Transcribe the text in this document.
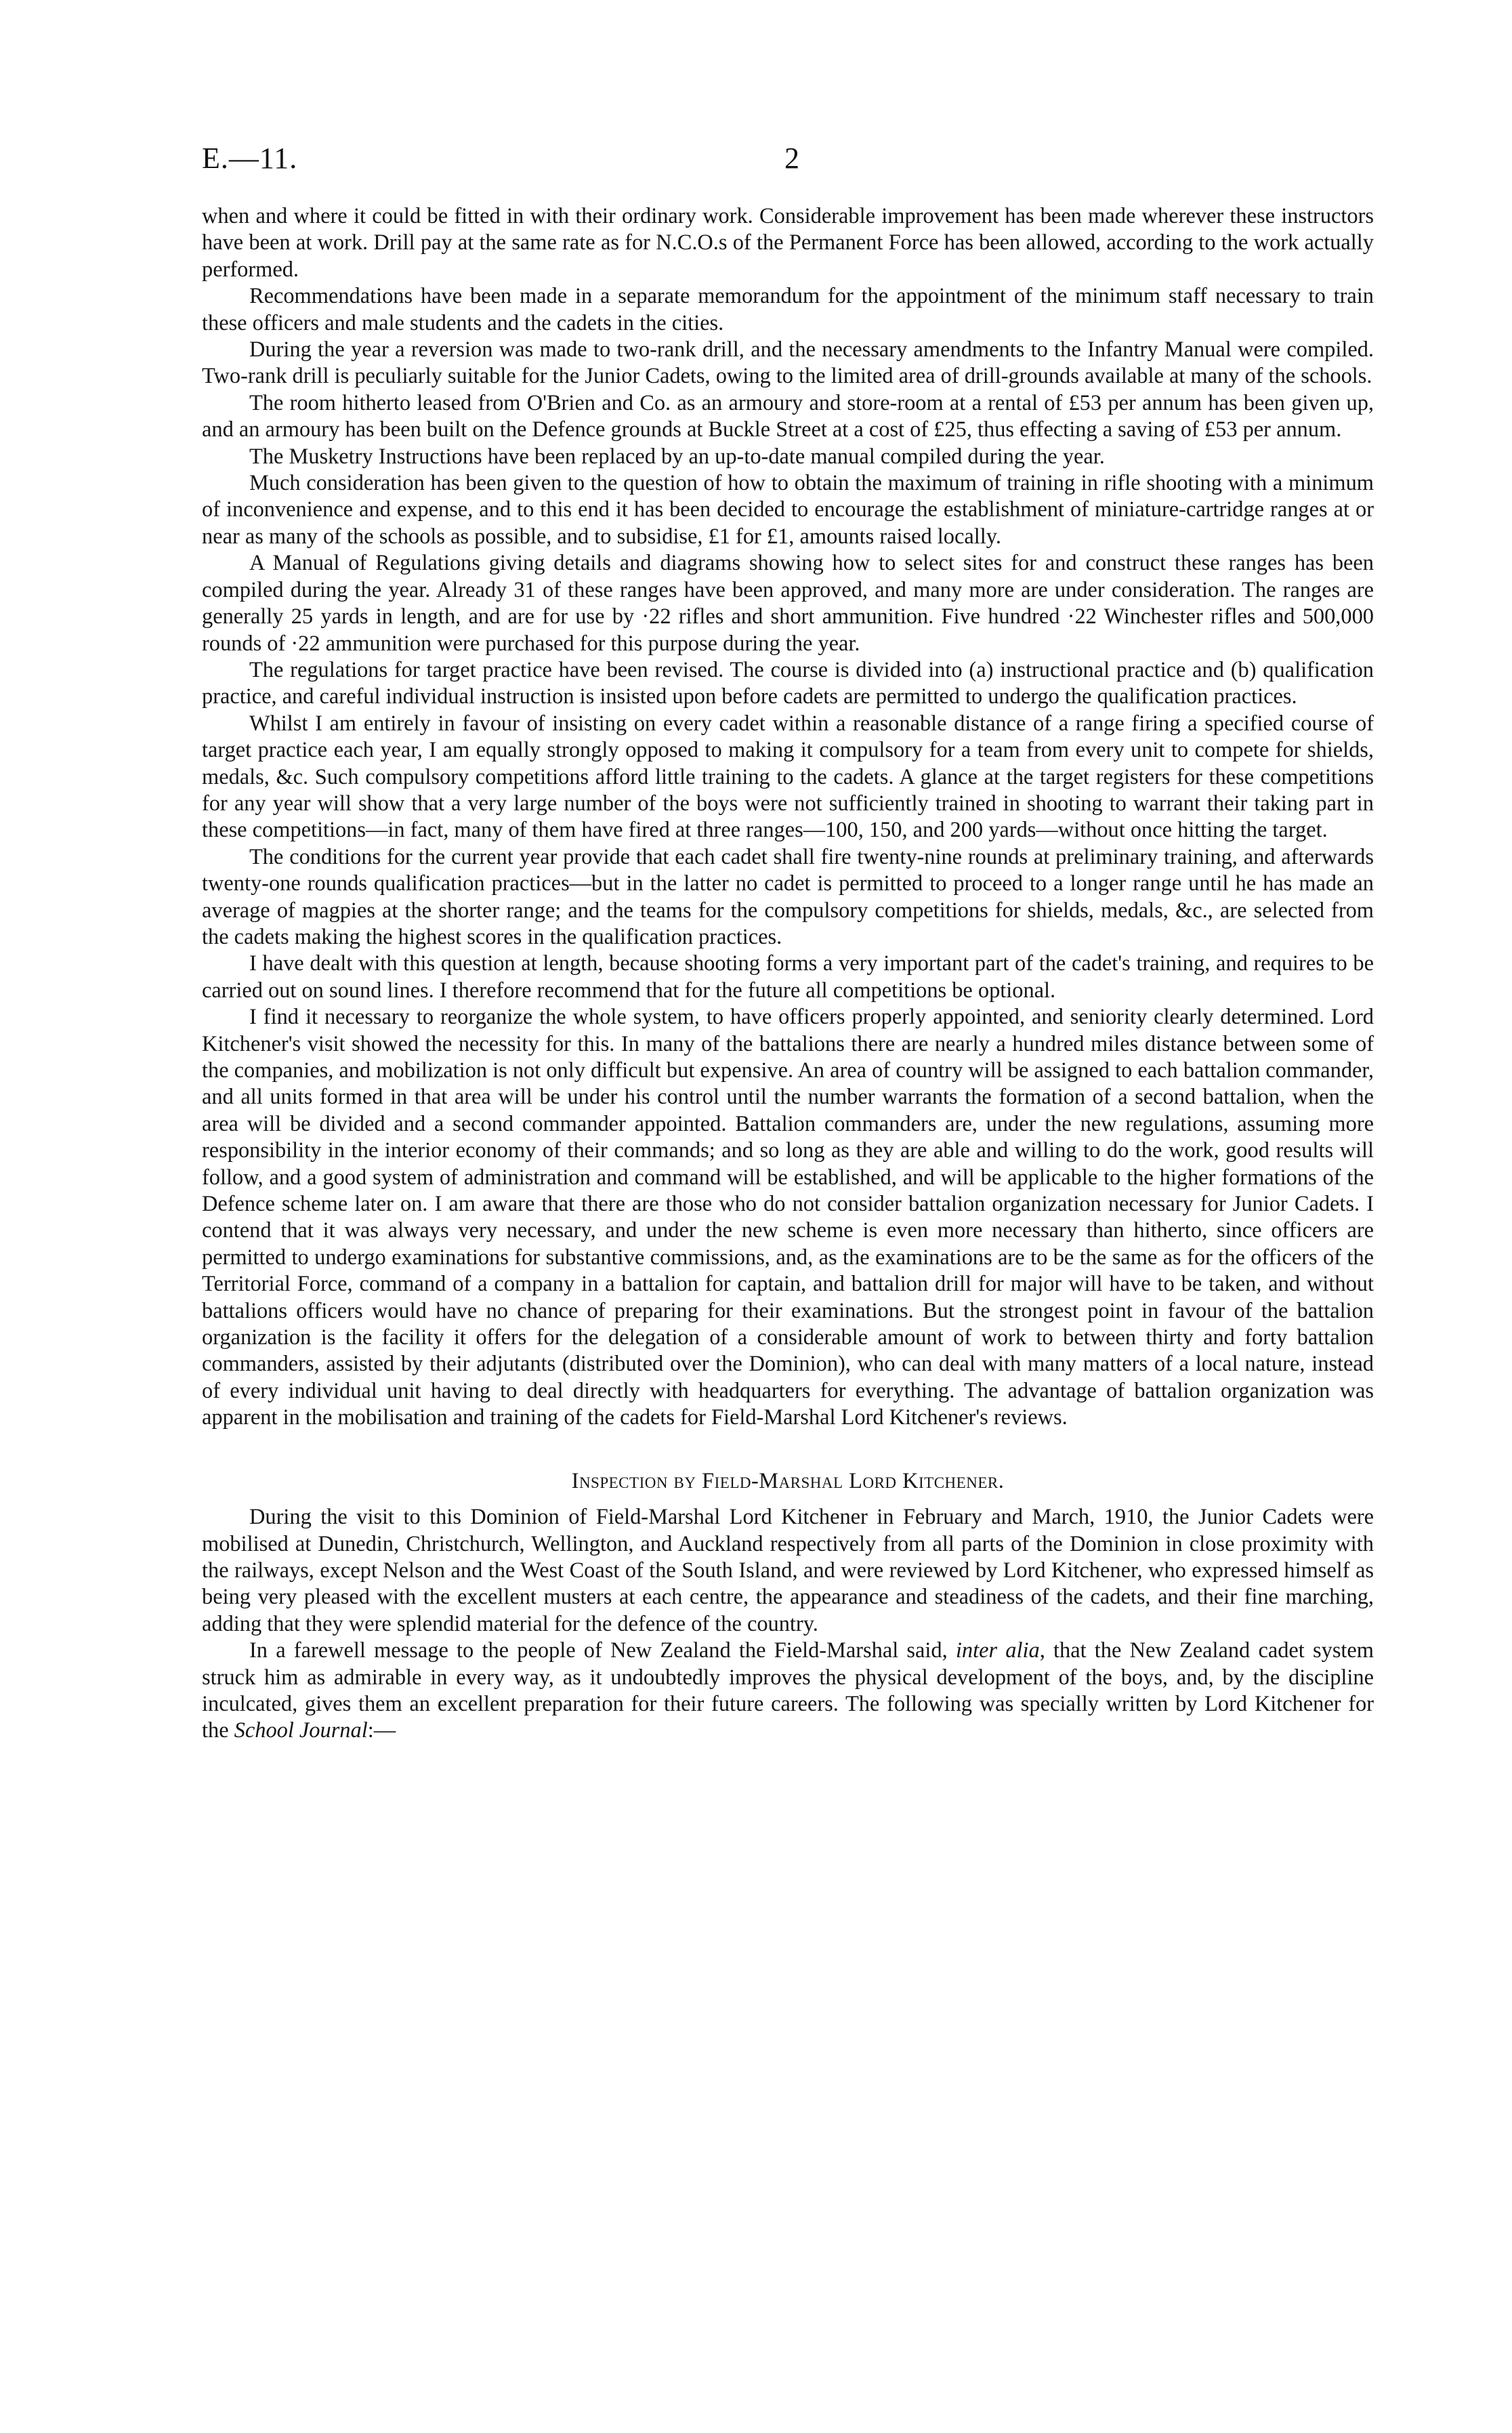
E.—11.	2

when and where it could be fitted in with their ordinary work. Considerable improvement has been made wherever these instructors have been at work. Drill pay at the same rate as for N.C.O.s of the Permanent Force has been allowed, according to the work actually performed.

Recommendations have been made in a separate memorandum for the appointment of the minimum staff necessary to train these officers and male students and the cadets in the cities.

During the year a reversion was made to two-rank drill, and the necessary amendments to the Infantry Manual were compiled. Two-rank drill is peculiarly suitable for the Junior Cadets, owing to the limited area of drill-grounds available at many of the schools.

The room hitherto leased from O'Brien and Co. as an armoury and store-room at a rental of £53 per annum has been given up, and an armoury has been built on the Defence grounds at Buckle Street at a cost of £25, thus effecting a saving of £53 per annum.

The Musketry Instructions have been replaced by an up-to-date manual compiled during the year.

Much consideration has been given to the question of how to obtain the maximum of training in rifle shooting with a minimum of inconvenience and expense, and to this end it has been decided to encourage the establishment of miniature-cartridge ranges at or near as many of the schools as possible, and to subsidise, £1 for £1, amounts raised locally.

A Manual of Regulations giving details and diagrams showing how to select sites for and construct these ranges has been compiled during the year. Already 31 of these ranges have been approved, and many more are under consideration. The ranges are generally 25 yards in length, and are for use by ·22 rifles and short ammunition. Five hundred ·22 Winchester rifles and 500,000 rounds of ·22 ammunition were purchased for this purpose during the year.

The regulations for target practice have been revised. The course is divided into (a) instructional practice and (b) qualification practice, and careful individual instruction is insisted upon before cadets are permitted to undergo the qualification practices.

Whilst I am entirely in favour of insisting on every cadet within a reasonable distance of a range firing a specified course of target practice each year, I am equally strongly opposed to making it compulsory for a team from every unit to compete for shields, medals, &c. Such compulsory competitions afford little training to the cadets. A glance at the target registers for these competitions for any year will show that a very large number of the boys were not sufficiently trained in shooting to warrant their taking part in these competitions—in fact, many of them have fired at three ranges—100, 150, and 200 yards—without once hitting the target.

The conditions for the current year provide that each cadet shall fire twenty-nine rounds at preliminary training, and afterwards twenty-one rounds qualification practices—but in the latter no cadet is permitted to proceed to a longer range until he has made an average of magpies at the shorter range; and the teams for the compulsory competitions for shields, medals, &c., are selected from the cadets making the highest scores in the qualification practices.

I have dealt with this question at length, because shooting forms a very important part of the cadet's training, and requires to be carried out on sound lines. I therefore recommend that for the future all competitions be optional.

I find it necessary to reorganize the whole system, to have officers properly appointed, and seniority clearly determined. Lord Kitchener's visit showed the necessity for this. In many of the battalions there are nearly a hundred miles distance between some of the companies, and mobilization is not only difficult but expensive. An area of country will be assigned to each battalion commander, and all units formed in that area will be under his control until the number warrants the formation of a second battalion, when the area will be divided and a second commander appointed. Battalion commanders are, under the new regulations, assuming more responsibility in the interior economy of their commands; and so long as they are able and willing to do the work, good results will follow, and a good system of administration and command will be established, and will be applicable to the higher formations of the Defence scheme later on. I am aware that there are those who do not consider battalion organization necessary for Junior Cadets. I contend that it was always very necessary, and under the new scheme is even more necessary than hitherto, since officers are permitted to undergo examinations for substantive commissions, and, as the examinations are to be the same as for the officers of the Territorial Force, command of a company in a battalion for captain, and battalion drill for major will have to be taken, and without battalions officers would have no chance of preparing for their examinations. But the strongest point in favour of the battalion organization is the facility it offers for the delegation of a considerable amount of work to between thirty and forty battalion commanders, assisted by their adjutants (distributed over the Dominion), who can deal with many matters of a local nature, instead of every individual unit having to deal directly with headquarters for everything. The advantage of battalion organization was apparent in the mobilisation and training of the cadets for Field-Marshal Lord Kitchener's reviews.

Inspection by Field-Marshal Lord Kitchener.

During the visit to this Dominion of Field-Marshal Lord Kitchener in February and March, 1910, the Junior Cadets were mobilised at Dunedin, Christchurch, Wellington, and Auckland respectively from all parts of the Dominion in close proximity with the railways, except Nelson and the West Coast of the South Island, and were reviewed by Lord Kitchener, who expressed himself as being very pleased with the excellent musters at each centre, the appearance and steadiness of the cadets, and their fine marching, adding that they were splendid material for the defence of the country.

In a farewell message to the people of New Zealand the Field-Marshal said, inter alia, that the New Zealand cadet system struck him as admirable in every way, as it undoubtedly improves the physical development of the boys, and, by the discipline inculcated, gives them an excellent preparation for their future careers. The following was specially written by Lord Kitchener for the School Journal:—
